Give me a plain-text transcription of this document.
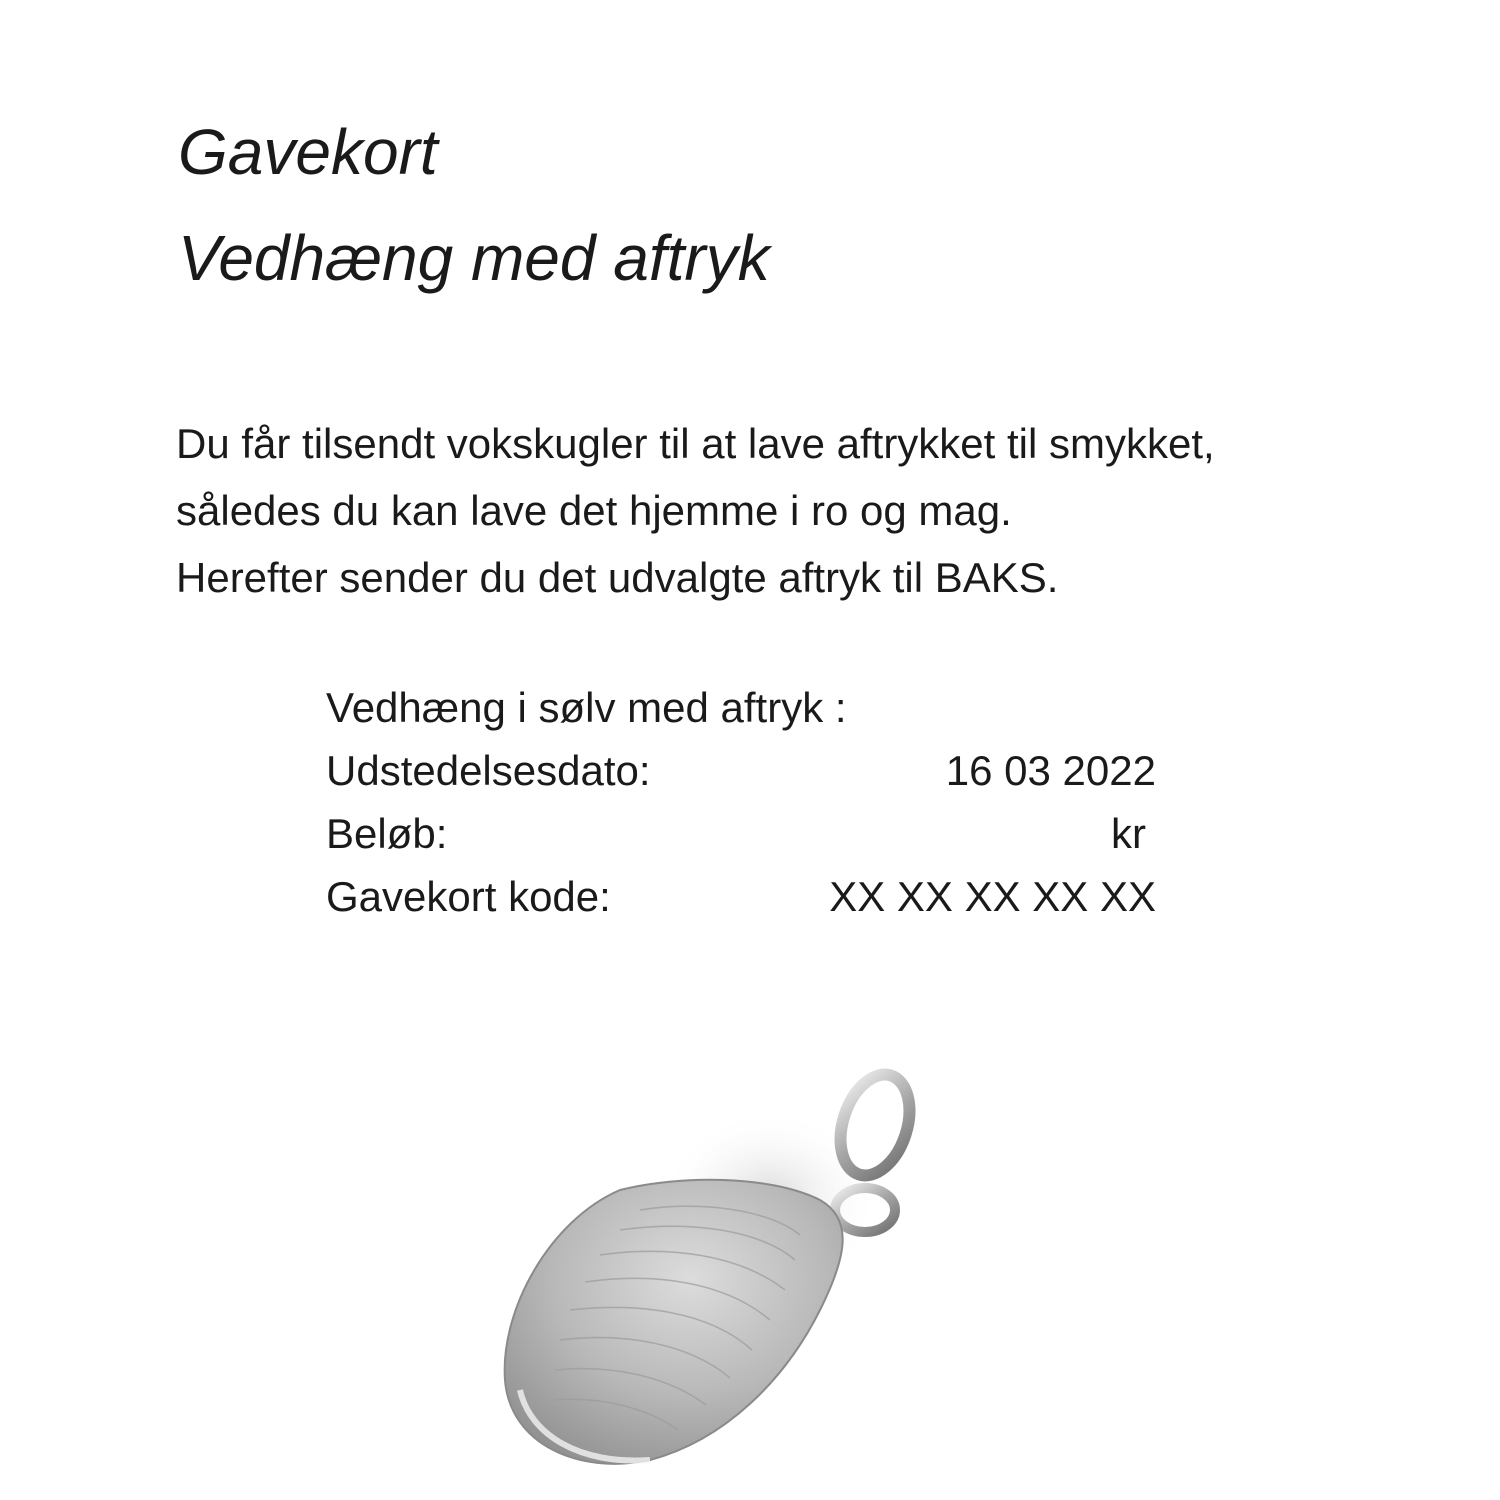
Gavekort
Vedhæng med aftryk

Du får tilsendt vokskugler til at lave aftrykket til smykket,

således du kan lave det hjemme i ro og mag.

Herefter sender du det udvalgte aftryk til BAKS.

Vedhæng i sølv med aftryk :
Udstedelsesdato:	16 03 2022
Beløb:	kr
Gavekort kode:	XX XX XX XX XX
